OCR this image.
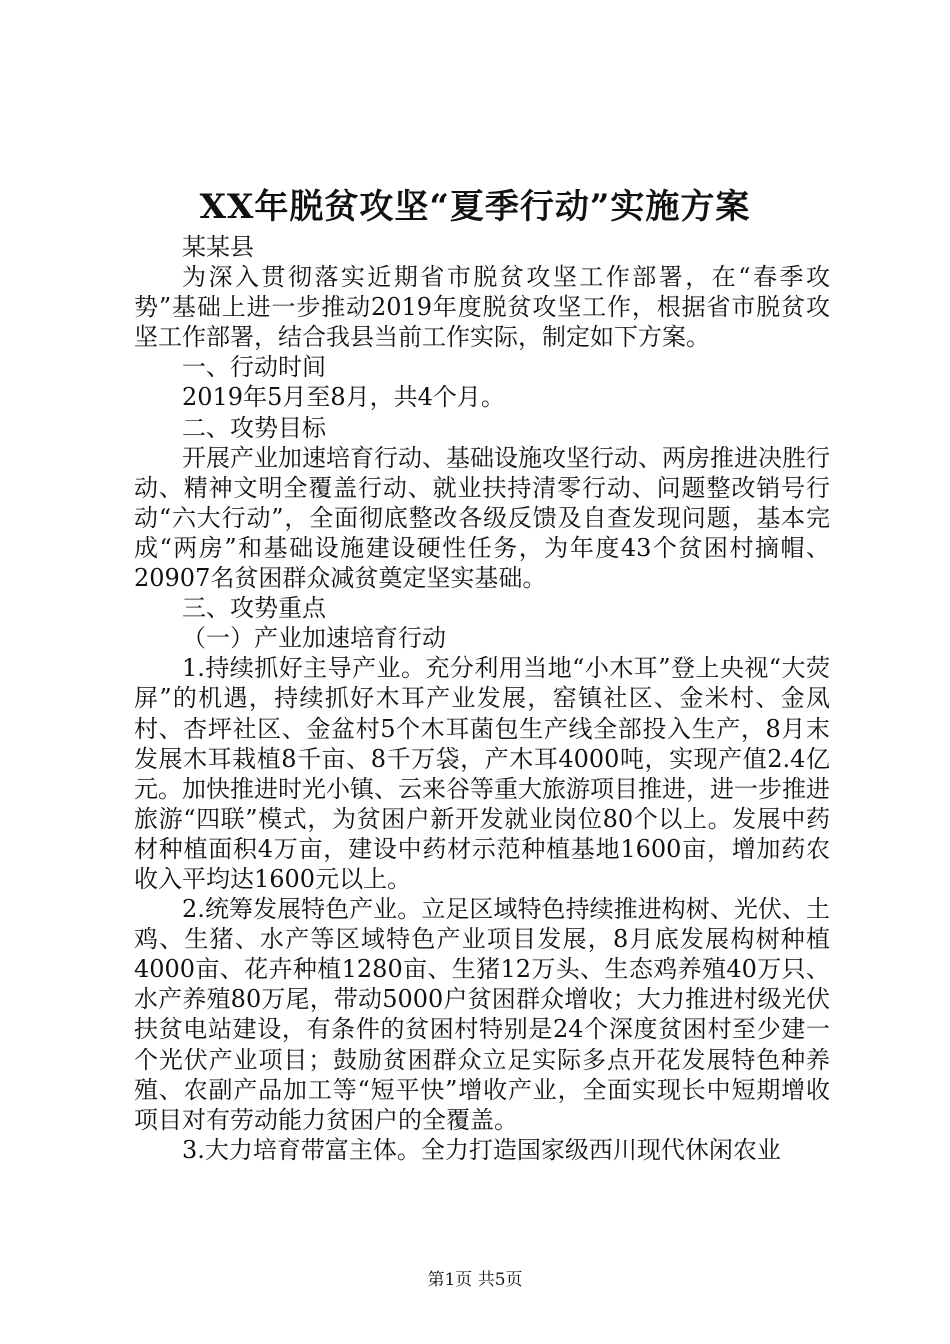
XX年脱贫攻坚“夏季行动”实施方案

某某县

为深入贯彻落实近期省市脱贫攻坚工作部署，在“春季攻势”基础上进一步推动2019年度脱贫攻坚工作，根据省市脱贫攻坚工作部署，结合我县当前工作实际，制定如下方案。

一、行动时间

2019年5月至8月，共4个月。

二、攻势目标

开展产业加速培育行动、基础设施攻坚行动、两房推进决胜行动、精神文明全覆盖行动、就业扶持清零行动、问题整改销号行动“六大行动”，全面彻底整改各级反馈及自查发现问题，基本完成“两房”和基础设施建设硬性任务，为年度43个贫困村摘帽、20907名贫困群众减贫奠定坚实基础。

三、攻势重点

（一）产业加速培育行动

1.持续抓好主导产业。充分利用当地“小木耳”登上央视“大荧屏”的机遇，持续抓好木耳产业发展，窑镇社区、金米村、金凤村、杏坪社区、金盆村5个木耳菌包生产线全部投入生产，8月末发展木耳栽植8千亩、8千万袋，产木耳4000吨，实现产值2.4亿元。加快推进时光小镇、云来谷等重大旅游项目推进，进一步推进旅游“四联”模式，为贫困户新开发就业岗位80个以上。发展中药材种植面积4万亩，建设中药材示范种植基地1600亩，增加药农收入平均达1600元以上。

2.统筹发展特色产业。立足区域特色持续推进构树、光伏、土鸡、生猪、水产等区域特色产业项目发展，8月底发展构树种植4000亩、花卉种植1280亩、生猪12万头、生态鸡养殖40万只、水产养殖80万尾，带动5000户贫困群众增收；大力推进村级光伏扶贫电站建设，有条件的贫困村特别是24个深度贫困村至少建一个光伏产业项目；鼓励贫困群众立足实际多点开花发展特色种养殖、农副产品加工等“短平快”增收产业，全面实现长中短期增收项目对有劳动能力贫困户的全覆盖。

3.大力培育带富主体。全力打造国家级西川现代休闲农业

第1页 共5页
